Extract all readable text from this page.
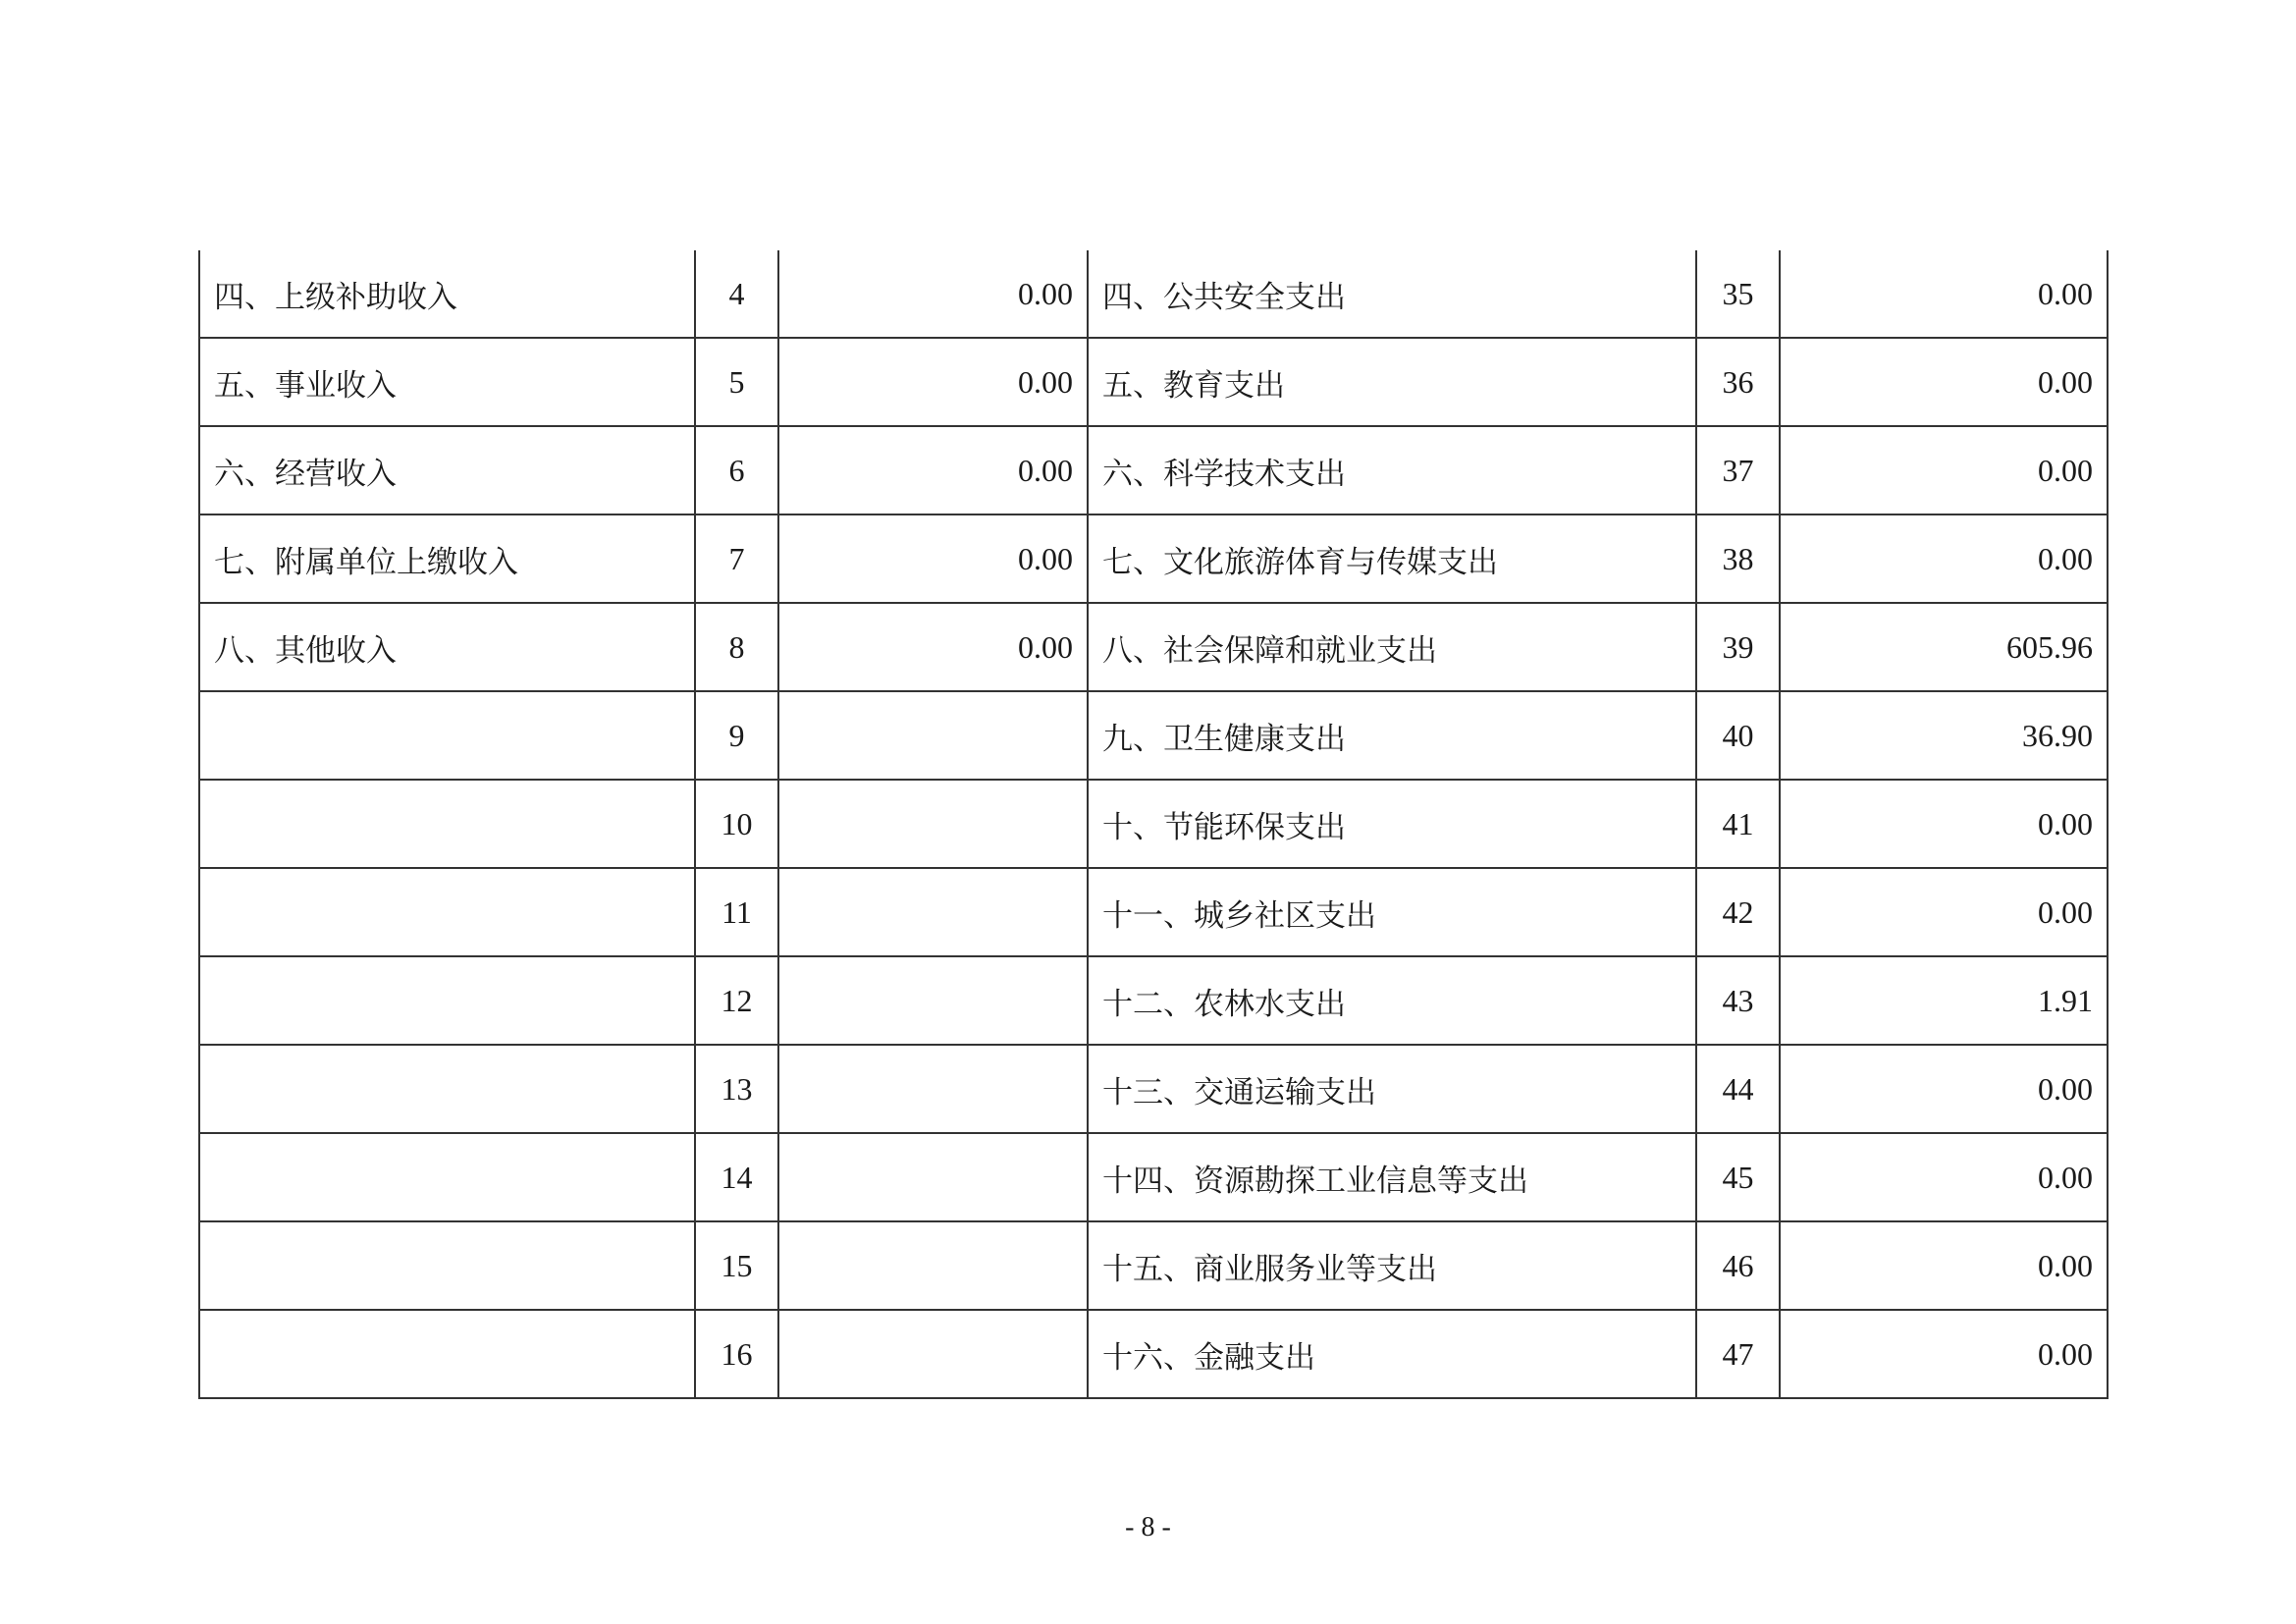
四、上级补助收入	4	0.00	四、公共安全支出	35	0.00
五、事业收入	5	0.00	五、教育支出	36	0.00
六、经营收入	6	0.00	六、科学技术支出	37	0.00
七、附属单位上缴收入	7	0.00	七、文化旅游体育与传媒支出	38	0.00
八、其他收入	8	0.00	八、社会保障和就业支出	39	605.96
	9		九、卫生健康支出	40	36.90
	10		十、节能环保支出	41	0.00
	11		十一、城乡社区支出	42	0.00
	12		十二、农林水支出	43	1.91
	13		十三、交通运输支出	44	0.00
	14		十四、资源勘探工业信息等支出	45	0.00
	15		十五、商业服务业等支出	46	0.00
	16		十六、金融支出	47	0.00
- 8 -
